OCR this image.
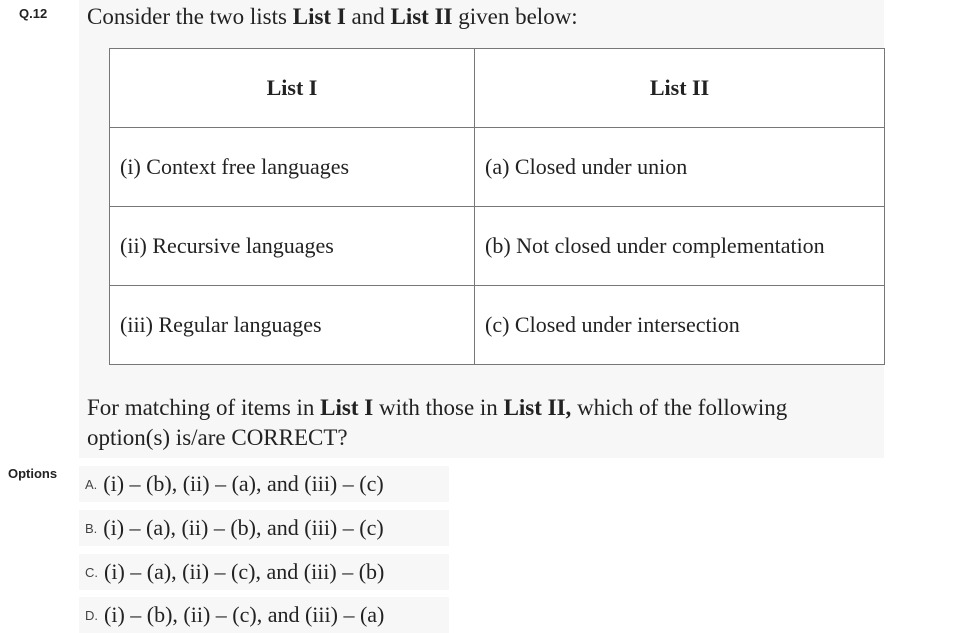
Q.12 Consider the two lists List I and List II given below:
List I	List II
(i) Context free languages	(a) Closed under union
(ii) Recursive languages	(b) Not closed under complementation
(iii) Regular languages	(c) Closed under intersection
For matching of items in List I with those in List II, which of the following
option(s) is/are CORRECT?
Options
A. (i) – (b), (ii) – (a), and (iii) – (c)
B. (i) – (a), (ii) – (b), and (iii) – (c)
C. (i) – (a), (ii) – (c), and (iii) – (b)
D. (i) – (b), (ii) – (c), and (iii) – (a)
